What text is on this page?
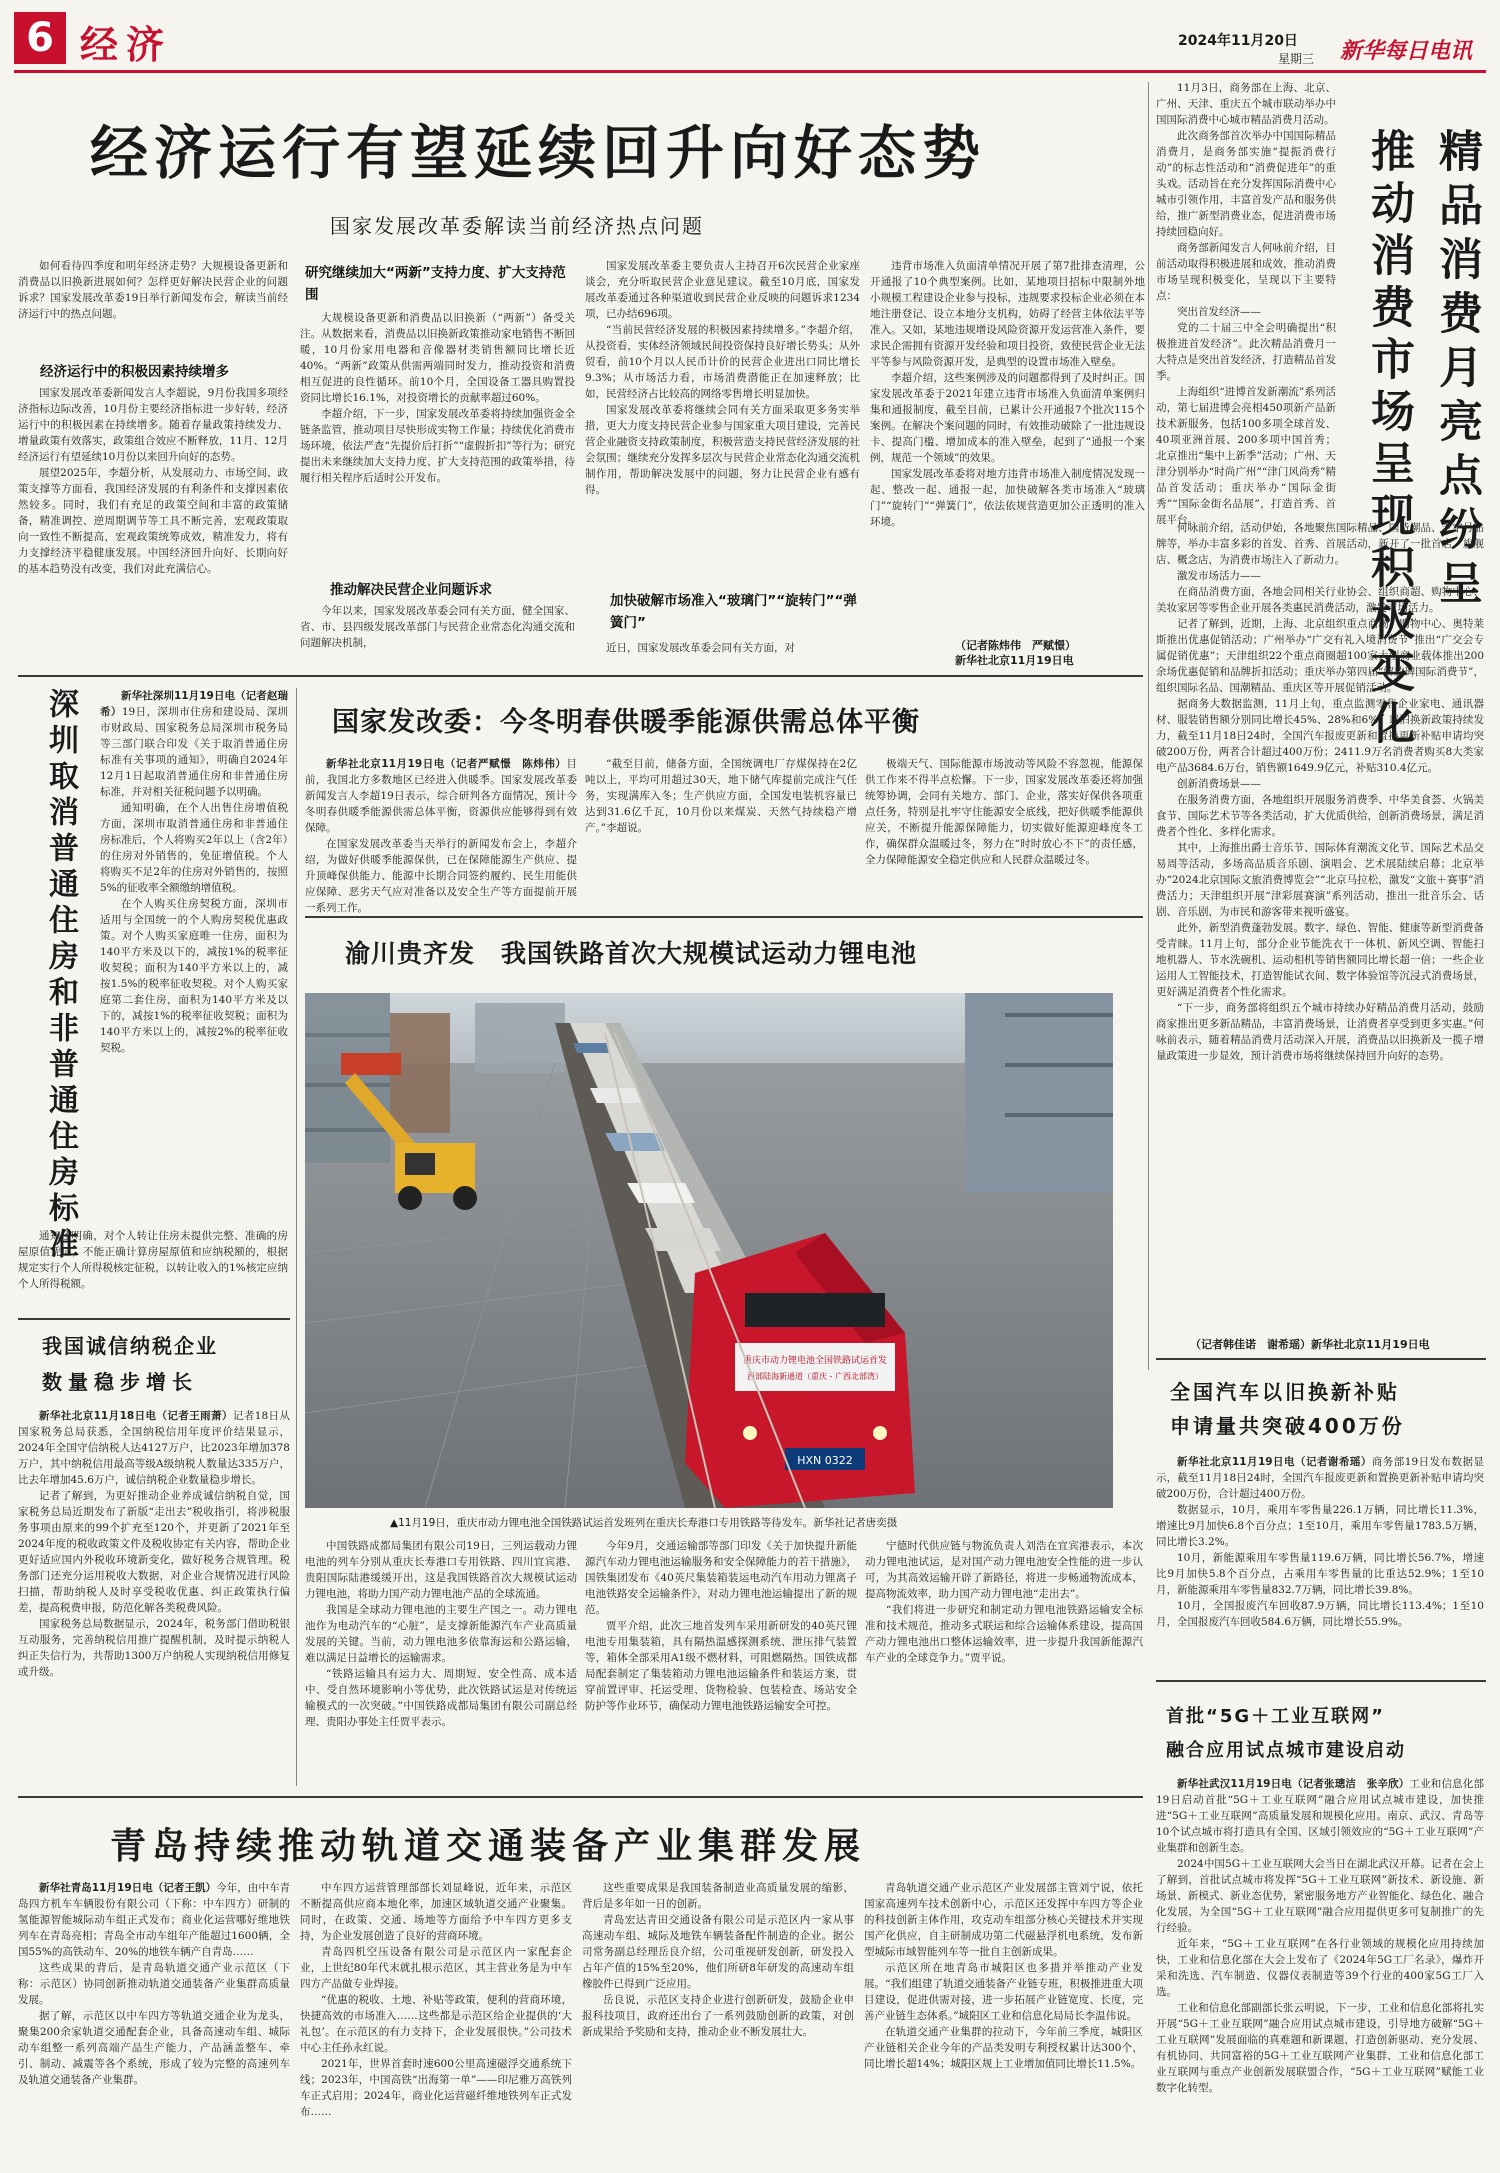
6 经济	2024年11月20日
星期三 新华每日电讯
经济运行有望延续回升向好态势
国家发展改革委解读当前经济热点问题

如何看待四季度和明年经济走势？大规模设备更新和消费品以旧换新进展如何？怎样更好解决民营企业的问题诉求？国家发展改革委19日举行新闻发布会，解读当前经济运行中的热点问题。

经济运行中的积极因素持续增多

国家发展改革委新闻发言人李超说，9月份我国多项经济指标边际改善，10月份主要经济指标进一步好转，经济运行中的积极因素在持续增多。随着存量政策持续发力、增量政策有效落实，政策组合效应不断释放，11月、12月经济运行有望延续10月份以来回升向好的态势。

展望2025年，李超分析，从发展动力、市场空间、政策支撑等方面看，我国经济发展的有利条件和支撑因素依然较多。同时，我们有充足的政策空间和丰富的政策储备，精准调控、逆周期调节等工具不断完善，宏观政策取向一致性不断提高，宏观政策统筹成效，精准发力，将有力支撑经济平稳健康发展。中国经济回升向好、长期向好的基本趋势没有改变，我们对此充满信心。

研究继续加大“两新”支持力度、扩大支持范围

大规模设备更新和消费品以旧换新（“两新”）备受关注。从数据来看，消费品以旧换新政策推动家电销售不断回暖，10月份家用电器和音像器材类销售额同比增长近40%。“两新”政策从供需两端同时发力，推动投资和消费相互促进的良性循环。前10个月，全国设备工器具购置投资同比增长16.1%，对投资增长的贡献率超过60%。

李超介绍，下一步，国家发展改革委将持续加强资金全链条监管，推动项目尽快形成实物工作量；持续优化消费市场环境，依法严查“先提价后打折”“虚假折扣”等行为；研究提出未来继续加大支持力度、扩大支持范围的政策举措，待履行相关程序后适时公开发布。

推动解决民营企业问题诉求

今年以来，国家发展改革委会同有关方面，健全国家、省、市、县四级发展改革部门与民营企业常态化沟通交流和问题解决机制，

国家发展改革委主要负责人主持召开6次民营企业家座谈会，充分听取民营企业意见建议。截至10月底，国家发展改革委通过各种渠道收到民营企业反映的问题诉求1234项，已办结696项。

“当前民营经济发展的积极因素持续增多。”李超介绍，从投资看，实体经济领域民间投资保持良好增长势头；从外贸看，前10个月以人民币计价的民营企业进出口同比增长9.3%；从市场活力看，市场消费潜能正在加速释放；比如，民营经济占比较高的网络零售增长明显加快。

国家发展改革委将继续会同有关方面采取更多务实举措，更大力度支持民营企业参与国家重大项目建设，完善民营企业融资支持政策制度，积极营造支持民营经济发展的社会氛围；继续充分发挥多层次与民营企业常态化沟通交流机制作用，帮助解决发展中的问题，努力让民营企业有感有得。

加快破解市场准入“玻璃门”“旋转门”“弹簧门”

近日，国家发展改革委会同有关方面，对

违背市场准入负面清单情况开展了第7批排查清理，公开通报了10个典型案例。比如，某地项目招标中限制外地小规模工程建设企业参与投标，违规要求投标企业必须在本地注册登记、设立本地分支机构，妨碍了经营主体依法平等准入。又如，某地违规增设风险资源开发运营准入条件，要求民企需拥有资源开发经验和项目投资，致使民营企业无法平等参与风险资源开发，是典型的设置市场准入壁垒。

李超介绍，这些案例涉及的问题都得到了及时纠正。国家发展改革委于2021年建立违背市场准入负面清单案例归集和通报制度，截至目前，已累计公开通报7个批次115个案例。在解决个案问题的同时，有效推动破除了一批违规设卡、提高门槛、增加成本的准入壁垒，起到了“通报一个案例，规范一个领域”的效果。

国家发展改革委将对地方违背市场准入制度情况发现一起、整改一起、通报一起，加快破解各类市场准入“玻璃门”“旋转门”“弹簧门”，依法依规营造更加公正透明的准入环境。

（记者陈炜伟　严赋憬）
新华社北京11月19日电
精品消费月亮点纷呈
推动消费市场呈现积极变化

11月3日，商务部在上海、北京、广州、天津、重庆五个城市联动举办中国国际消费中心城市精品消费月活动。

此次商务部首次举办中国国际精品消费月，是商务部实施“提振消费行动”的标志性活动和“消费促进年”的重头戏。活动旨在充分发挥国际消费中心城市引领作用，丰富首发产品和服务供给，推广新型消费业态，促进消费市场持续回稳向好。

商务部新闻发言人何咏前介绍，目前活动取得积极进展和成效，推动消费市场呈现积极变化，呈现以下主要特点：

突出首发经济——

党的二十届三中全会明确提出“积极推进首发经济”。此次精品消费月一大特点是突出首发经济，打造精品首发季。

上海组织“进博首发新潮流”系列活动，第七届进博会亮相450项新产品新技术新服务，包括100多项全球首发、40项亚洲首展、200多项中国首秀；北京推出“集中上新季”活动；广州、天津分别举办“时尚广州”“津门风尚秀”精品首发活动；重庆举办“国际金街秀”“国际金街名品展”，打造首秀、首展平台。

何咏前介绍，活动伊始，各地聚焦国际精品、国货潮品、老字号品牌等，举办丰富多彩的首发、首秀、首展活动，新开了一批首店、旗舰店、概念店，为消费市场注入了新动力。

激发市场活力——

在商品消费方面，各地会同相关行业协会、组织商超、购物中心、美妆家居等零售企业开展各类惠民消费活动，激发市场活力。

记者了解到，近期，上海、北京组织重点商场、购物中心、奥特莱斯推出优惠促销活动；广州举办“广交有礼入境消费节”推出“广交会专属促销优惠”；天津组织22个重点商圈超100家大型商业载体推出200余场优惠促销和品牌折扣活动；重庆举办第四届“解放碑国际消费节”，组织国际名品、国潮精品、重庆区等开展促销活动。

据商务大数据监测，11月上旬，重点监测零售企业家电、通讯器材、服装销售额分别同比增长45%、28%和6%。以旧换新政策持续发力，截至11月18日24时，全国汽车报废更新和置换更新补贴申请均突破200万份，两者合计超过400万份；2411.9万名消费者购买8大类家电产品3684.6万台，销售额1649.9亿元，补贴310.4亿元。

创新消费场景——

在服务消费方面，各地组织开展服务消费季、中华美食荟、火锅美食节、国际艺术节等各类活动，扩大优质供给，创新消费场景，满足消费者个性化、多样化需求。

其中，上海推出爵士音乐节、国际体育潮流文化节、国际艺术品交易周等活动，多场高品质音乐剧、演唱会、艺术展陆续启幕；北京举办“2024北京国际文旅消费博览会”“北京马拉松，激发“文旅＋赛事”消费活力；天津组织开展“津彩展赛演”系列活动，推出一批音乐会、话剧、音乐剧，为市民和游客带来视听盛宴。

此外，新型消费蓬勃发展。数字、绿色、智能、健康等新型消费备受青睐。11月上旬，部分企业节能洗衣干一体机、新风空调、智能扫地机器人、节水洗碗机、运动相机等销售额同比增长超一倍；一些企业运用人工智能技术，打造智能试衣间、数字体验馆等沉浸式消费场景，更好满足消费者个性化需求。

“下一步，商务部将组织五个城市持续办好精品消费月活动，鼓励商家推出更多新品精品，丰富消费场景，让消费者享受到更多实惠。”何咏前表示，随着精品消费月活动深入开展，消费品以旧换新及一揽子增量政策进一步显效，预计消费市场将继续保持回升向好的态势。

（记者韩佳诺　谢希瑶）新华社北京11月19日电
全国汽车以旧换新补贴
申请量共突破400万份

新华社北京11月19日电（记者谢希瑶）商务部19日发布数据显示，截至11月18日24时，全国汽车报废更新和置换更新补贴申请均突破200万份，合计超过400万份。

数据显示，10月，乘用车零售量226.1万辆，同比增长11.3%，增速比9月加快6.8个百分点；1至10月，乘用车零售量1783.5万辆，同比增长3.2%。

10月，新能源乘用车零售量119.6万辆，同比增长56.7%，增速比9月加快5.8个百分点，占乘用车零售量的比重达52.9%；1至10月，新能源乘用车零售量832.7万辆，同比增长39.8%。

10月，全国报废汽车回收87.9万辆，同比增长113.4%；1至10月，全国报废汽车回收584.6万辆，同比增长55.9%。

首批“5G＋工业互联网”
融合应用试点城市建设启动

新华社武汉11月19日电（记者张璁洁　张辛欣）工业和信息化部19日启动首批“5G＋工业互联网”融合应用试点城市建设，加快推进“5G＋工业互联网”高质量发展和规模化应用。南京、武汉、青岛等10个试点城市将打造具有全国、区域引领效应的“5G＋工业互联网”产业集群和创新生态。

2024中国5G＋工业互联网大会当日在湖北武汉开幕。记者在会上了解到，首批试点城市将发挥“5G＋工业互联网”新技术、新设施、新场景、新模式、新业态优势，紧密服务地方产业智能化、绿色化、融合化发展，为全国“5G＋工业互联网”融合应用提供更多可复制推广的先行经验。

近年来，“5G＋工业互联网”在各行业领域的规模化应用持续加快，工业和信息化部在大会上发布了《2024年5G工厂名录》，爆炸开采和洗选、汽车制造、仪器仪表制造等39个行业的400家5G工厂入选。

工业和信息化部副部长张云明说，下一步，工业和信息化部将扎实开展“5G＋工业互联网”融合应用试点城市建设，引导地方破解“5G＋工业互联网”发展面临的真难题和新课题，打造创新驱动、充分发展、有机协同、共同富裕的5G＋工业互联网产业集群、工业和信息化部工业互联网与重点产业创新发展联盟合作，“5G＋工业互联网”赋能工业数字化转型。

深圳取消普通住房和非普通住房标准	新华社深圳11月19日电（记者赵瑞希）19日，深圳市住房和建设局、深圳市财政局、国家税务总局深圳市税务局等三部门联合印发《关于取消普通住房标准有关事项的通知》，明确自2024年12月1日起取消普通住房和非普通住房标准，并对相关征税问题予以明确。

通知明确，在个人出售住房增值税方面，深圳市取消普通住房和非普通住房标准后，个人将购买2年以上（含2年）的住房对外销售的，免征增值税。个人将购买不足2年的住房对外销售的，按照5%的征收率全额缴纳增值税。

在个人购买住房契税方面，深圳市适用与全国统一的个人购房契税优惠政策。对个人购买家庭唯一住房，面积为140平方米及以下的，减按1%的税率征收契税；面积为140平方米以上的，减按1.5%的税率征收契税。对个人购买家庭第二套住房，面积为140平方米及以下的，减按1%的税率征收契税；面积为140平方米以上的，减按2%的税率征收契税。

通知还明确，对个人转让住房未提供完整、准确的房屋原值凭证，不能正确计算房屋原值和应纳税额的，根据规定实行个人所得税核定征税，以转让收入的1%核定应纳个人所得税额。

我国诚信纳税企业
数量稳步增长

新华社北京11月18日电（记者王雨萧）记者18日从国家税务总局获悉，全国纳税信用年度评价结果显示，2024年全国守信纳税人达4127万户，比2023年增加378万户，其中纳税信用最高等级A级纳税人数量达335万户，比去年增加45.6万户，诚信纳税企业数量稳步增长。

记者了解到，为更好推动企业养成诚信纳税自觉，国家税务总局近期发布了新版“走出去”税收指引，将涉税服务事项由原来的99个扩充至120个，并更新了2021年至2024年度的税收政策文件及税收协定有关内容，帮助企业更好适应国内外税收环境新变化，做好税务合规管理。税务部门还充分运用税收大数据，对企业合规情况进行风险扫描，帮助纳税人及时享受税收优惠、纠正政策执行偏差，提高税费申报，防范化解各类税费风险。

国家税务总局数据显示，2024年，税务部门借助税银互动服务，完善纳税信用推广提醒机制，及时提示纳税人纠正失信行为，共帮助1300万户纳税人实现纳税信用修复或升级。

国家发改委：今冬明春供暖季能源供需总体平衡

新华社北京11月19日电（记者严赋憬　陈炜伟）目前，我国北方多数地区已经进入供暖季。国家发展改革委新闻发言人李超19日表示，综合研判各方面情况，预计今冬明春供暖季能源供需总体平衡，资源供应能够得到有效保障。

在国家发展改革委当天举行的新闻发布会上，李超介绍，为做好供暖季能源保供，已在保障能源生产供应、提升顶峰保供能力、能源中长期合同签约履约、民生用能供应保障、恶劣天气应对准备以及安全生产等方面提前开展一系列工作。

“截至目前，储备方面，全国统调电厂存煤保持在2亿吨以上，平均可用超过30天，地下储气库提前完成注气任务，实现满库入冬；生产供应方面，全国发电装机容量已达到31.6亿千瓦，10月份以来煤炭、天然气持续稳产增产。”李超说。

极端天气、国际能源市场波动等风险不容忽视，能源保供工作来不得半点松懈。下一步，国家发展改革委还将加强统筹协调，会同有关地方、部门、企业，落实好保供各项重点任务，特别是扎牢守住能源安全底线，把好供暖季能源供应关，不断提升能源保障能力，切实做好能源迎峰度冬工作，确保群众温暖过冬，努力在“时时放心不下”的责任感，全力保障能源安全稳定供应和人民群众温暖过冬。

渝川贵齐发　我国铁路首次大规模试运动力锂电池
重庆市动力锂电池全国铁路试运首发
西部陆海新通道（重庆 - 广西北部湾）
HXN 0322
▲11月19日，重庆市动力锂电池全国铁路试运首发班列在重庆长寿港口专用铁路等待发车。新华社记者唐奕摄

中国铁路成都局集团有限公司19日，三列运载动力锂电池的列车分别从重庆长寿港口专用铁路、四川宜宾港、贵阳国际陆港缓缓开出，这是我国铁路首次大规模试运动力锂电池，将助力国产动力锂电池产品的全球流通。

我国是全球动力锂电池的主要生产国之一。动力锂电池作为电动汽车的“心脏”，是支撑新能源汽车产业高质量发展的关键。当前，动力锂电池多依靠海运和公路运输，难以满足日益增长的运输需求。

“铁路运输具有运力大、周期短、安全性高、成本适中、受自然环境影响小等优势，此次铁路试运是对传统运输模式的一次突破。”中国铁路成都局集团有限公司副总经理、贵阳办事处主任贾平表示。

今年9月，交通运输部等部门印发《关于加快提升新能源汽车动力锂电池运输服务和安全保障能力的若干措施》，国铁集团发布《40英尺集装箱装运电动汽车用动力锂离子电池铁路安全运输条件》，对动力锂电池运输提出了新的规范。

贾平介绍，此次三地首发列车采用新研发的40英尺锂电池专用集装箱，具有隔热温感探测系统、泄压排气装置等，箱体全部采用A1级不燃材料，可阻燃隔热。国铁成都局配套制定了集装箱动力锂电池运输条件和装运方案，贯穿前置评审、托运受理、货物检验、包装检查、场站安全防护等作业环节，确保动力锂电池铁路运输安全可控。

宁德时代供应链与物流负责人刘浩在宜宾港表示，本次动力锂电池试运，是对国产动力锂电池安全性能的进一步认可，为其高效运输开辟了新路径，将进一步畅通物流成本，提高物流效率，助力国产动力锂电池“走出去”。

“我们将进一步研究和制定动力锂电池铁路运输安全标准和技术规范，推动多式联运和综合运输体系建设，提高国产动力锂电池出口整体运输效率，进一步提升我国新能源汽车产业的全球竞争力。”贾平说。

青岛持续推动轨道交通装备产业集群发展

新华社青岛11月19日电（记者王凯）今年，由中车青岛四方机车车辆股份有限公司（下称：中车四方）研制的氢能源智能城际动车组正式发布；商业化运营哪好维地铁列车在青岛亮相；青岛全市动车组年产能超过1600辆，全国55%的高铁动车、20%的地铁车辆产自青岛……

这些成果的背后，是青岛轨道交通产业示范区（下称：示范区）协同创新推动轨道交通装备产业集群高质量发展。

据了解，示范区以中车四方等轨道交通企业为龙头，聚集200余家轨道交通配套企业，具备高速动车组、城际动车组整一系列高端产品生产能力，产品涵盖整车、牵引、制动、减震等各个系统，形成了较为完整的高速列车及轨道交通装备产业集群。

中车四方运营管理部部长刘显峰说，近年来，示范区不断提高供应商本地化率，加速区域轨道交通产业聚集。同时，在政策、交通、场地等方面给予中车四方更多支持，为企业发展创造了良好的营商环境。

青岛四机空压设备有限公司是示范区内一家配套企业，上世纪80年代末就扎根示范区，其主营业务是为中车四方产品做专业焊接。

“优惠的税收、土地、补贴等政策，便利的营商环境，快捷高效的市场准入……这些都是示范区给企业提供的‘大礼包’。在示范区的有力支持下，企业发展很快。”公司技术中心主任孙永红说。

2021年，世界首套时速600公里高速磁浮交通系统下线；2023年，中国高铁“出海第一单”——印尼雅万高铁列车正式启用；2024年，商业化运营磁纤维地铁列车正式发布……

这些重要成果是我国装备制造业高质量发展的缩影，背后是多年如一日的创新。

青岛宏达青田交通设备有限公司是示范区内一家从事高速动车组、城际及地铁车辆装备配件制造的企业。据公司常务副总经理岳良介绍，公司重视研发创新，研发投入占年产值的15%至20%，他们所研8年研发的高速动车组橡胶件已得到广泛应用。

岳良说，示范区支持企业进行创新研发，鼓励企业申报科技项目，政府还出台了一系列鼓励创新的政策，对创新成果给予奖励和支持，推动企业不断发展壮大。

青岛轨道交通产业示范区产业发展部主管刘宁说，依托国家高速列车技术创新中心，示范区还发挥中车四方等企业的科技创新主体作用，攻克动车组部分核心关键技术并实现国产化供应，自主研制成功第二代磁悬浮机电系统，发布新型城际市域智能列车等一批自主创新成果。

示范区所在地青岛市城阳区也多措并举推动产业发展。“我们组建了轨道交通装备产业链专班，积极推进重大项目建设，促进供需对接，进一步拓展产业链宽度、长度，完善产业链生态体系。”城阳区工业和信息化局局长李温伟说。

在轨道交通产业集群的拉动下，今年前三季度，城阳区产业链相关企业今年的产品类发明专利授权累计达300个，同比增长超14%；城阳区规上工业增加值同比增长11.5%。
